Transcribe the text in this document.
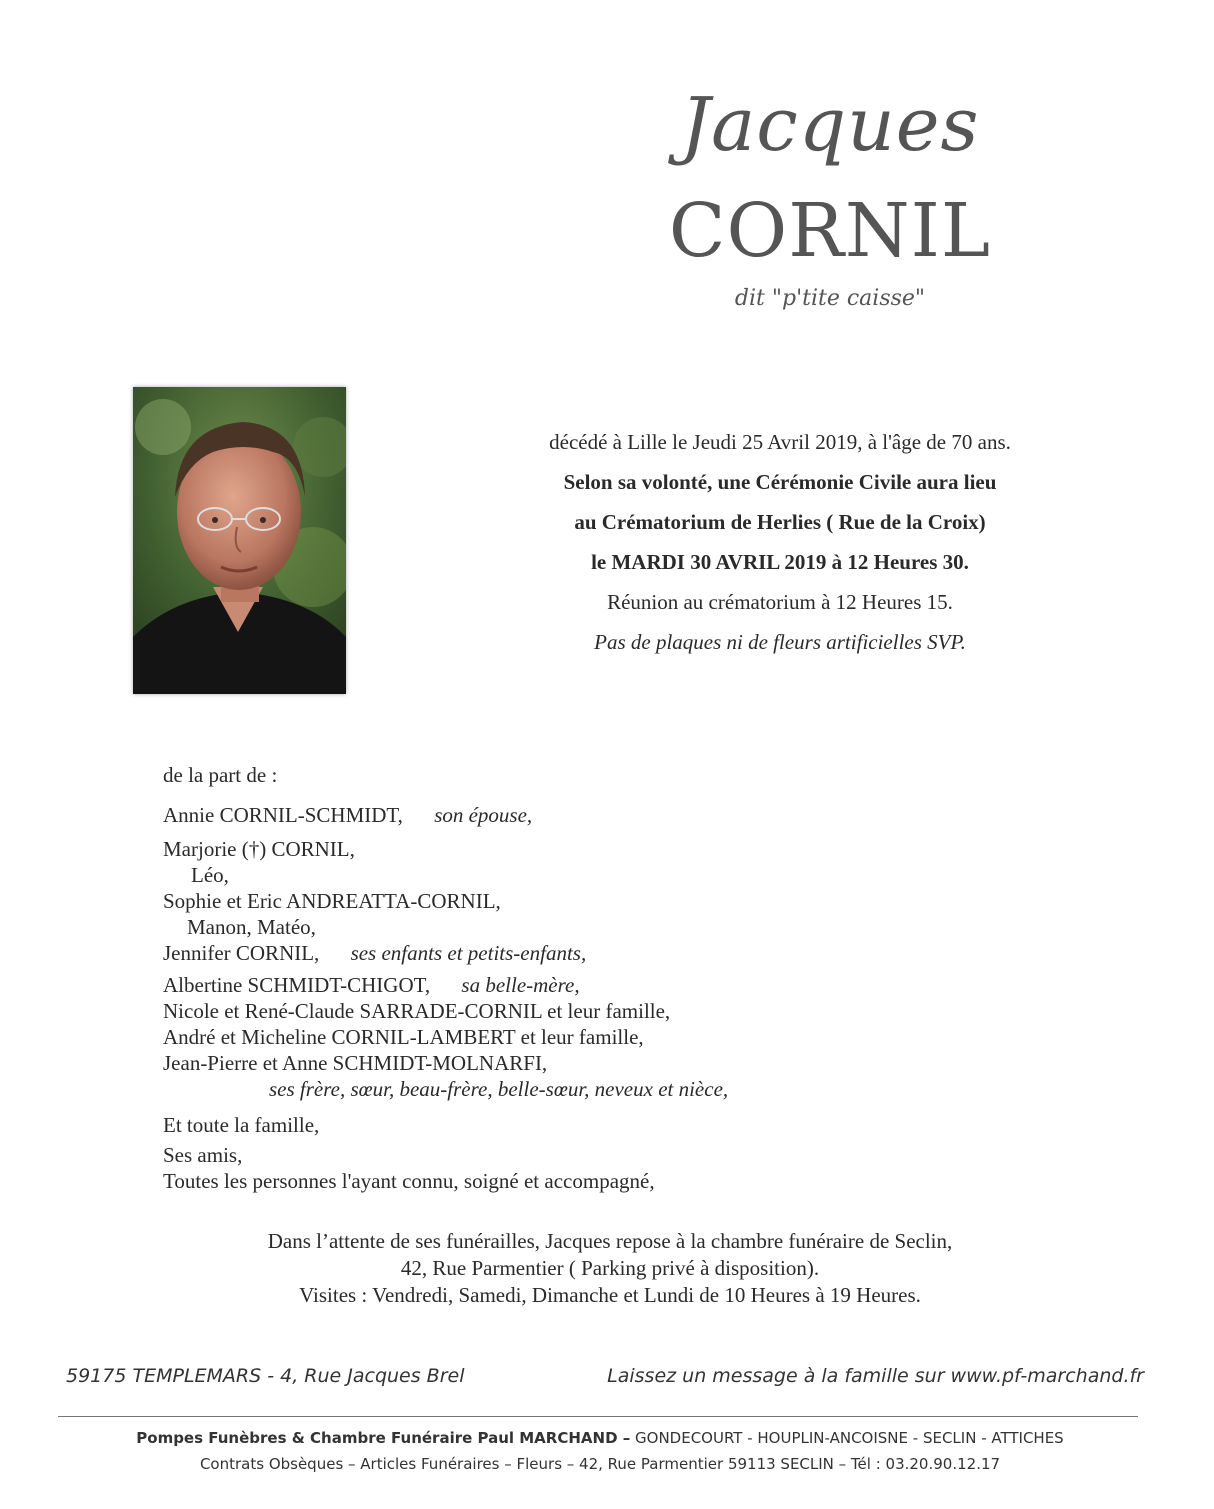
Jacques
CORNIL
dit "p'tite caisse"
décédé à Lille le Jeudi 25 Avril 2019, à l'âge de 70 ans.
Selon sa volonté, une Cérémonie Civile aura lieu
au Crématorium de Herlies ( Rue de la Croix)
le MARDI 30 AVRIL 2019 à 12 Heures 30.
Réunion au crématorium à 12 Heures 15.
Pas de plaques ni de fleurs artificielles SVP.
de la part de :
Annie CORNIL-SCHMIDT, son épouse,
Marjorie (†) CORNIL,
Léo,
Sophie et Eric ANDREATTA-CORNIL,
Manon, Matéo,
Jennifer CORNIL, ses enfants et petits-enfants,
Albertine SCHMIDT-CHIGOT, sa belle-mère,
Nicole et René-Claude SARRADE-CORNIL et leur famille,
André et Micheline CORNIL-LAMBERT et leur famille,
Jean-Pierre et Anne SCHMIDT-MOLNARFI,
ses frère, sœur, beau-frère, belle-sœur, neveux et nièce,
Et toute la famille,
Ses amis,
Toutes les personnes l'ayant connu, soigné et accompagné,
Dans l’attente de ses funérailles, Jacques repose à la chambre funéraire de Seclin,
42, Rue Parmentier ( Parking privé à disposition).
Visites : Vendredi, Samedi, Dimanche et Lundi de 10 Heures à 19 Heures.
59175 TEMPLEMARS - 4, Rue Jacques Brel	Laissez un message à la famille sur www.pf-marchand.fr
Pompes Funèbres & Chambre Funéraire Paul MARCHAND – GONDECOURT - HOUPLIN-ANCOISNE - SECLIN - ATTICHES
Contrats Obsèques – Articles Funéraires – Fleurs – 42, Rue Parmentier 59113 SECLIN – Tél : 03.20.90.12.17
